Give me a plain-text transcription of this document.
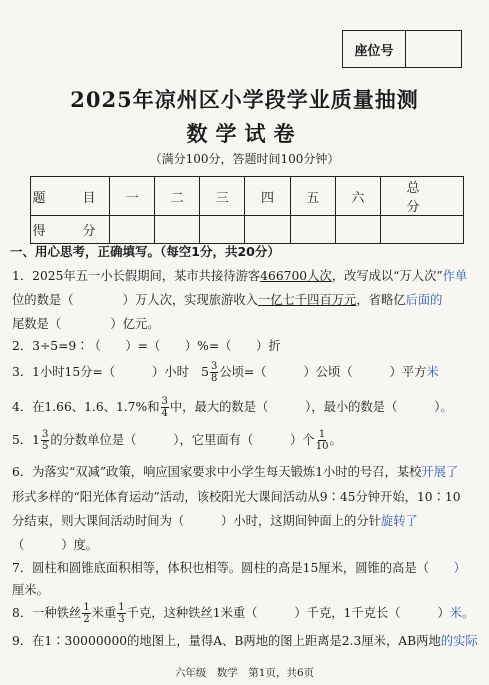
座位号
2025年凉州区小学段学业质量抽测
数学试卷
（满分100分，答题时间100分钟）
题　目	一	二	三	四	五	六	总　分
得　分							
一、用心思考，正确填写。（每空1分，共20分）
1．2025年五一小长假期间，某市共接待游客466700人次，改写成以“万人次”作单
位的数是（　　　　）万人次，实现旅游收入一亿七千四百万元，省略亿后面的
尾数是（　　　　）亿元。
2．3÷5=9∶（　　）=（　　）%=（　　）折
3．1小时15分=（　　　）小时　$5 \frac{3}{8}$ 公顷=（　　　）公顷（　　　）平方米
4．在1.66、1.6、1.7%和 $\frac{3}{4}$ 中，最大的数是（　　　），最小的数是（　　　）。
5．$1 \frac{3}{5}$ 的分数单位是（　　　），它里面有（　　　）个 $\frac{1}{10}$ 。
6．为落实“双减”政策，响应国家要求中小学生每天锻炼1小时的号召，某校开展了
形式多样的“阳光体育运动”活动，该校阳光大课间活动从9∶45分钟开始，10∶10
分结束，则大课间活动时间为（　　　）小时，这期间钟面上的分针旋转了
（　　　）度。
7．圆柱和圆锥底面积相等，体积也相等。圆柱的高是15厘米，圆锥的高是（　　）
厘米。
8．一种铁丝 $\frac{1}{2}$ 米重 $\frac{1}{3}$ 千克，这种铁丝1米重（　　　）千克，1千克长（　　　）米。
9．在1∶30000000的地图上，量得A、B两地的图上距离是2.3厘米，AB两地的实际
六年级　数学　第1页，共6页
